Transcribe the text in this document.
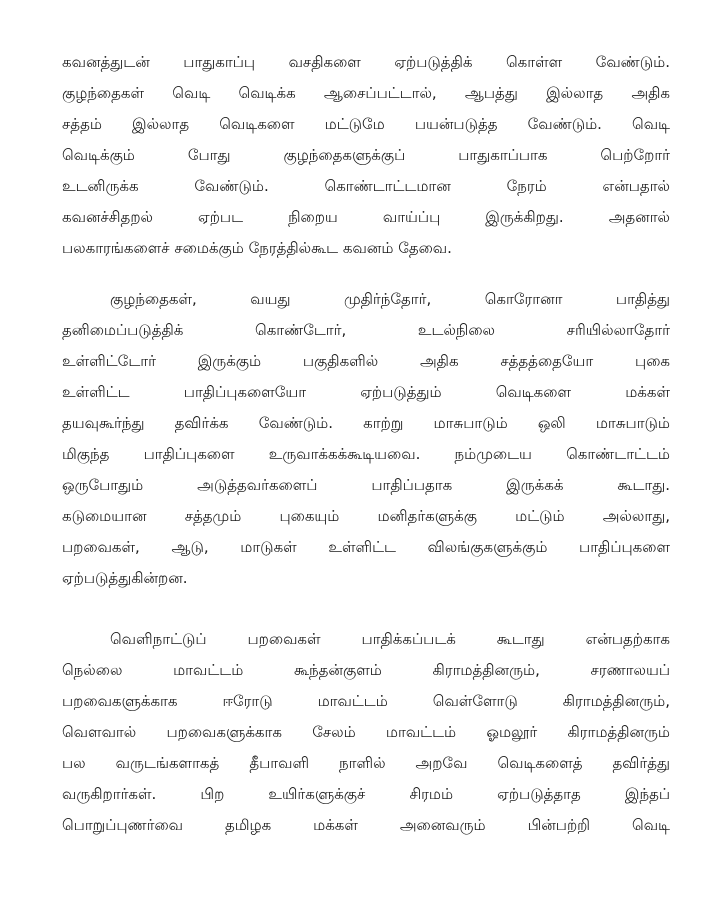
கவனத்துடன் பாதுகாப்பு வசதிகளை ஏற்படுத்திக் கொள்ள வேண்டும்.
குழந்தைகள் வெடி வெடிக்க ஆசைப்பட்டால், ஆபத்து இல்லாத அதிக
சத்தம் இல்லாத வெடிகளை மட்டுமே பயன்படுத்த வேண்டும். வெடி
வெடிக்கும் போது குழந்தைகளுக்குப் பாதுகாப்பாக பெற்றோர்
உடனிருக்க வேண்டும். கொண்டாட்டமான நேரம் என்பதால்
கவனச்சிதறல் ஏற்பட நிறைய வாய்ப்பு இருக்கிறது. அதனால்
பலகாரங்களைச் சமைக்கும் நேரத்தில்கூட கவனம் தேவை.
குழந்தைகள், வயது முதிர்ந்தோர், கொரோனா பாதித்து
தனிமைப்படுத்திக் கொண்டோர், உடல்நிலை சரியில்லாதோர்
உள்ளிட்டோர் இருக்கும் பகுதிகளில் அதிக சத்தத்தையோ புகை
உள்ளிட்ட பாதிப்புகளையோ ஏற்படுத்தும் வெடிகளை மக்கள்
தயவுகூர்ந்து தவிர்க்க வேண்டும். காற்று மாசுபாடும் ஒலி மாசுபாடும்
மிகுந்த பாதிப்புகளை உருவாக்கக்கூடியவை. நம்முடைய கொண்டாட்டம்
ஒருபோதும் அடுத்தவர்களைப் பாதிப்பதாக இருக்கக் கூடாது.
கடுமையான சத்தமும் புகையும் மனிதர்களுக்கு மட்டும் அல்லாது,
பறவைகள், ஆடு, மாடுகள் உள்ளிட்ட விலங்குகளுக்கும் பாதிப்புகளை
ஏற்படுத்துகின்றன.
வெளிநாட்டுப் பறவைகள் பாதிக்கப்படக் கூடாது என்பதற்காக
நெல்லை மாவட்டம் கூந்தன்குளம் கிராமத்தினரும், சரணாலயப்
பறவைகளுக்காக ஈரோடு மாவட்டம் வெள்ளோடு கிராமத்தினரும்,
வௌவால் பறவைகளுக்காக சேலம் மாவட்டம் ஓமலூர் கிராமத்தினரும்
பல வருடங்களாகத் தீபாவளி நாளில் அறவே வெடிகளைத் தவிர்த்து
வருகிறார்கள். பிற உயிர்களுக்குச் சிரமம் ஏற்படுத்தாத இந்தப்
பொறுப்புணர்வை தமிழக மக்கள் அனைவரும் பின்பற்றி வெடி
